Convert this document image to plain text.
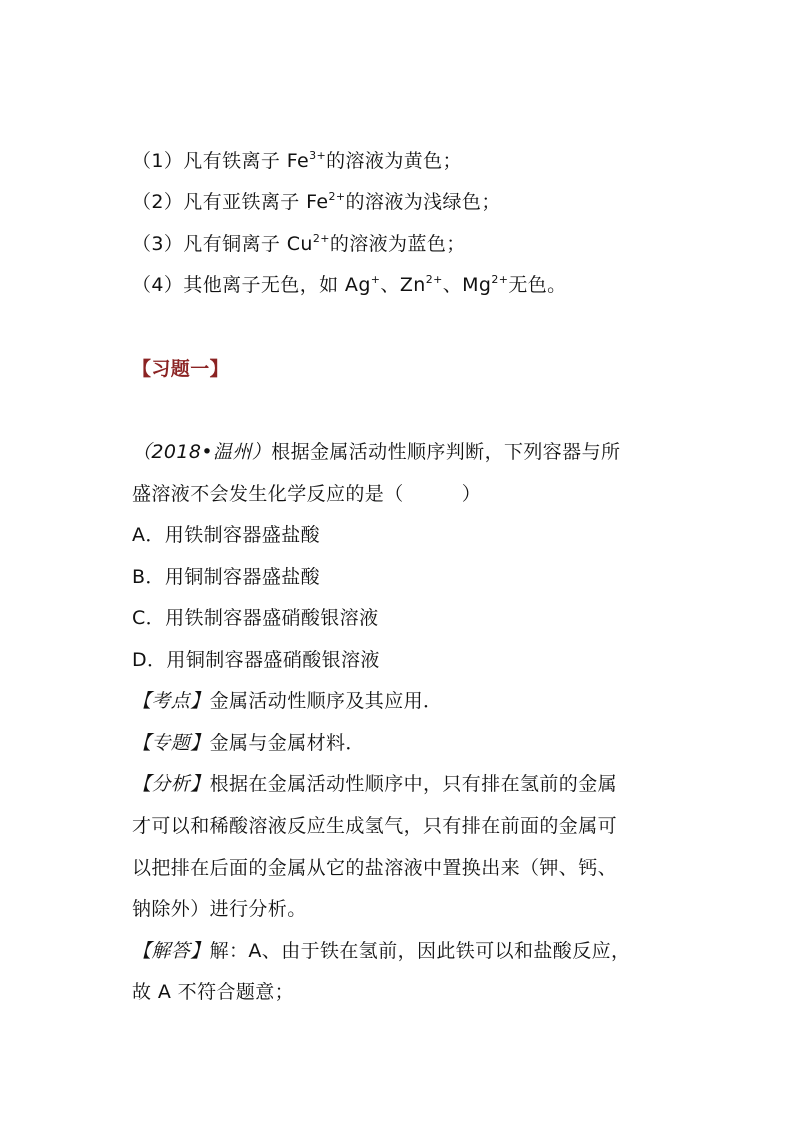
（1）凡有铁离子 $Fe^{3+}$的溶液为黄色；
（2）凡有亚铁离子 $Fe^{2+}$的溶液为浅绿色；
（3）凡有铜离子 $Cu^{2+}$的溶液为蓝色；
（4）其他离子无色，如 Ag+、$Zn^{2+}$、$Mg^{2+}$无色。
【习题一】
（2018•温州）根据金属活动性顺序判断，下列容器与所
盛溶液不会发生化学反应的是（　　　）
A．用铁制容器盛盐酸
B．用铜制容器盛盐酸
C．用铁制容器盛硝酸银溶液
D．用铜制容器盛硝酸银溶液
【考点】金属活动性顺序及其应用．
【专题】金属与金属材料．
【分析】根据在金属活动性顺序中，只有排在氢前的金属
才可以和稀酸溶液反应生成氢气，只有排在前面的金属可
以把排在后面的金属从它的盐溶液中置换出来（钾、钙、
钠除外）进行分析。
【解答】解：A、由于铁在氢前，因此铁可以和盐酸反应，
故 A 不符合题意；
